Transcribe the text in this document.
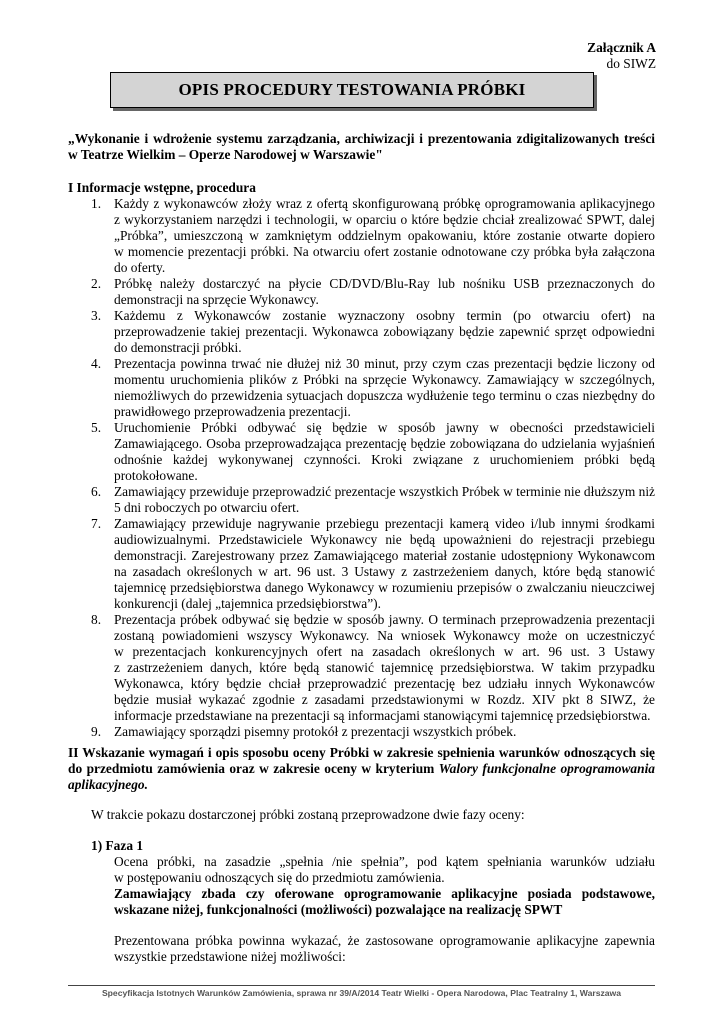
Załącznik A
do SIWZ
OPIS PROCEDURY TESTOWANIA PRÓBKI
„Wykonanie i wdrożenie systemu zarządzania, archiwizacji i prezentowania zdigitalizowanych treści
w Teatrze Wielkim – Operze Narodowej w Warszawie"
I Informacje wstępne, procedura
1. Każdy z wykonawców złoży wraz z ofertą skonfigurowaną próbkę oprogramowania aplikacyjnego
z wykorzystaniem narzędzi i technologii, w oparciu o które będzie chciał zrealizować SPWT, dalej
„Próbka”, umieszczoną w zamkniętym oddzielnym opakowaniu, które zostanie otwarte dopiero
w momencie prezentacji próbki. Na otwarciu ofert zostanie odnotowane czy próbka była załączona
do oferty.
2. Próbkę należy dostarczyć na płycie CD/DVD/Blu-Ray lub nośniku USB przeznaczonych do
demonstracji na sprzęcie Wykonawcy.
3. Każdemu z Wykonawców zostanie wyznaczony osobny termin (po otwarciu ofert) na
przeprowadzenie takiej prezentacji. Wykonawca zobowiązany będzie zapewnić sprzęt odpowiedni
do demonstracji próbki.
4. Prezentacja powinna trwać nie dłużej niż 30 minut, przy czym czas prezentacji będzie liczony od
momentu uruchomienia plików z Próbki na sprzęcie Wykonawcy. Zamawiający w szczególnych,
niemożliwych do przewidzenia sytuacjach dopuszcza wydłużenie tego terminu o czas niezbędny do
prawidłowego przeprowadzenia prezentacji.
5. Uruchomienie Próbki odbywać się będzie w sposób jawny w obecności przedstawicieli
Zamawiającego. Osoba przeprowadzająca prezentację będzie zobowiązana do udzielania wyjaśnień
odnośnie każdej wykonywanej czynności. Kroki związane z uruchomieniem próbki będą
protokołowane.
6. Zamawiający przewiduje przeprowadzić prezentacje wszystkich Próbek w terminie nie dłuższym niż
5 dni roboczych po otwarciu ofert.
7. Zamawiający przewiduje nagrywanie przebiegu prezentacji kamerą video i/lub innymi środkami
audiowizualnymi. Przedstawiciele Wykonawcy nie będą upoważnieni do rejestracji przebiegu
demonstracji. Zarejestrowany przez Zamawiającego materiał zostanie udostępniony Wykonawcom
na zasadach określonych w art. 96 ust. 3 Ustawy z zastrzeżeniem danych, które będą stanowić
tajemnicę przedsiębiorstwa danego Wykonawcy w rozumieniu przepisów o zwalczaniu nieuczciwej
konkurencji (dalej „tajemnica przedsiębiorstwa”).
8. Prezentacja próbek odbywać się będzie w sposób jawny. O terminach przeprowadzenia prezentacji
zostaną powiadomieni wszyscy Wykonawcy. Na wniosek Wykonawcy może on uczestniczyć
w prezentacjach konkurencyjnych ofert na zasadach określonych w art. 96 ust. 3 Ustawy
z zastrzeżeniem danych, które będą stanowić tajemnicę przedsiębiorstwa. W takim przypadku
Wykonawca, który będzie chciał przeprowadzić prezentację bez udziału innych Wykonawców
będzie musiał wykazać zgodnie z zasadami przedstawionymi w Rozdz. XIV pkt 8 SIWZ, że
informacje przedstawiane na prezentacji są informacjami stanowiącymi tajemnicę przedsiębiorstwa.
9. Zamawiający sporządzi pisemny protokół z prezentacji wszystkich próbek.
II Wskazanie wymagań i opis sposobu oceny Próbki w zakresie spełnienia warunków odnoszących się
do przedmiotu zamówienia oraz w zakresie oceny w kryterium Walory funkcjonalne oprogramowania
aplikacyjnego.
W trakcie pokazu dostarczonej próbki zostaną przeprowadzone dwie fazy oceny:
1) Faza 1
Ocena próbki, na zasadzie „spełnia /nie spełnia”, pod kątem spełniania warunków udziału
w postępowaniu odnoszących się do przedmiotu zamówienia.
Zamawiający zbada czy oferowane oprogramowanie aplikacyjne posiada podstawowe,
wskazane niżej, funkcjonalności (możliwości) pozwalające na realizację SPWT
Prezentowana próbka powinna wykazać, że zastosowane oprogramowanie aplikacyjne zapewnia
wszystkie przedstawione niżej możliwości:
Specyfikacja Istotnych Warunków Zamówienia, sprawa nr 39/A/2014 Teatr Wielki - Opera Narodowa, Plac Teatralny 1, Warszawa
